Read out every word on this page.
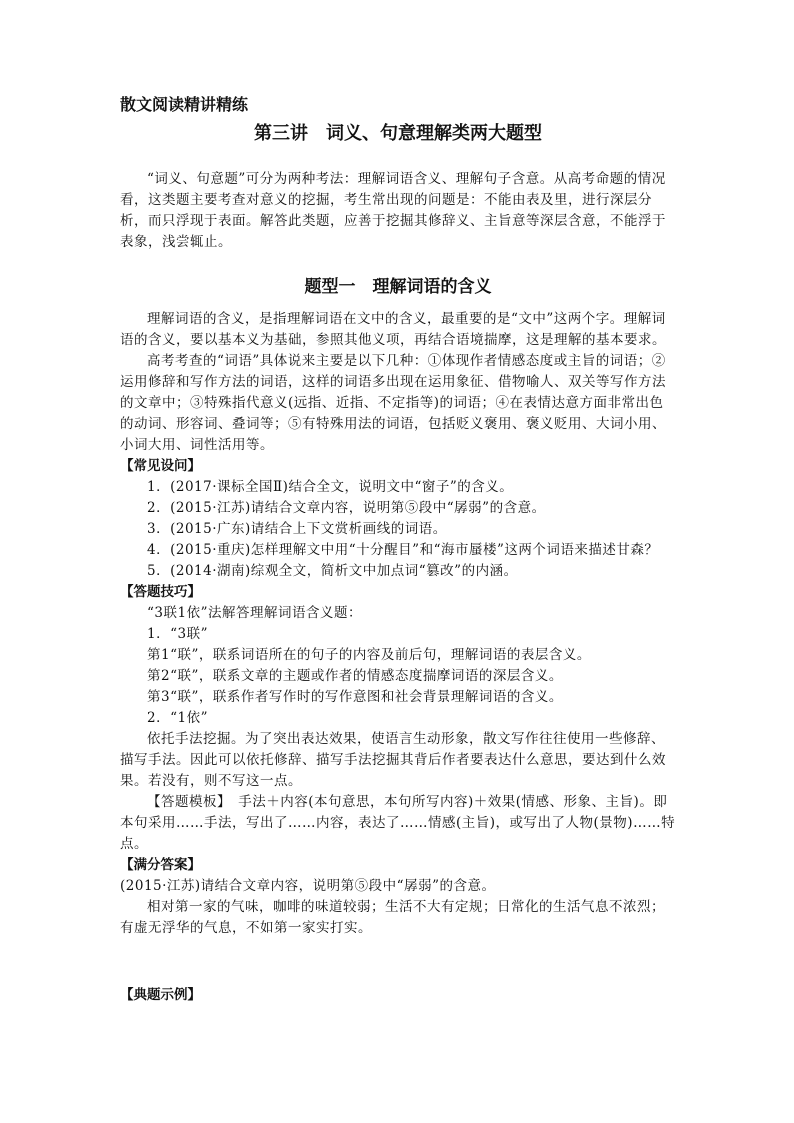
散文阅读精讲精练

第三讲　词义、句意理解类两大题型

“词义、句意题”可分为两种考法：理解词语含义、理解句子含意。从高考命题的情况看，这类题主要考查对意义的挖掘，考生常出现的问题是：不能由表及里，进行深层分析，而只浮现于表面。解答此类题，应善于挖掘其修辞义、主旨意等深层含意，不能浮于表象，浅尝辄止。

题型一　理解词语的含义

理解词语的含义，是指理解词语在文中的含义，最重要的是“文中”这两个字。理解词语的含义，要以基本义为基础，参照其他义项，再结合语境揣摩，这是理解的基本要求。

高考考查的“词语”具体说来主要是以下几种：①体现作者情感态度或主旨的词语；②运用修辞和写作方法的词语，这样的词语多出现在运用象征、借物喻人、双关等写作方法的文章中；③特殊指代意义(远指、近指、不定指等)的词语；④在表情达意方面非常出色的动词、形容词、叠词等；⑤有特殊用法的词语，包括贬义褒用、褒义贬用、大词小用、小词大用、词性活用等。

【常见设问】

1．(2017·课标全国Ⅱ)结合全文，说明文中“窗子”的含义。

2．(2015·江苏)请结合文章内容，说明第⑤段中“孱弱”的含意。

3．(2015·广东)请结合上下文赏析画线的词语。

4．(2015·重庆)怎样理解文中用“十分醒目”和“海市蜃楼”这两个词语来描述甘森？

5．(2014·湖南)综观全文，简析文中加点词“篡改”的内涵。

【答题技巧】

“3联1依”法解答理解词语含义题：

1．“3联”

第1“联”，联系词语所在的句子的内容及前后句，理解词语的表层含义。

第2“联”，联系文章的主题或作者的情感态度揣摩词语的深层含义。

第3“联”，联系作者写作时的写作意图和社会背景理解词语的含义。

2．“1依”

依托手法挖掘。为了突出表达效果，使语言生动形象，散文写作往往使用一些修辞、描写手法。因此可以依托修辞、描写手法挖掘其背后作者要表达什么意思，要达到什么效果。若没有，则不写这一点。

【答题模板】　手法＋内容(本句意思，本句所写内容)＋效果(情感、形象、主旨)。即本句采用……手法，写出了……内容，表达了……情感(主旨)，或写出了人物(景物)……特点。

【满分答案】

(2015·江苏)请结合文章内容，说明第⑤段中“孱弱”的含意。

相对第一家的气味，咖啡的味道较弱；生活不大有定规；日常化的生活气息不浓烈；有虚无浮华的气息，不如第一家实打实。

【典题示例】
